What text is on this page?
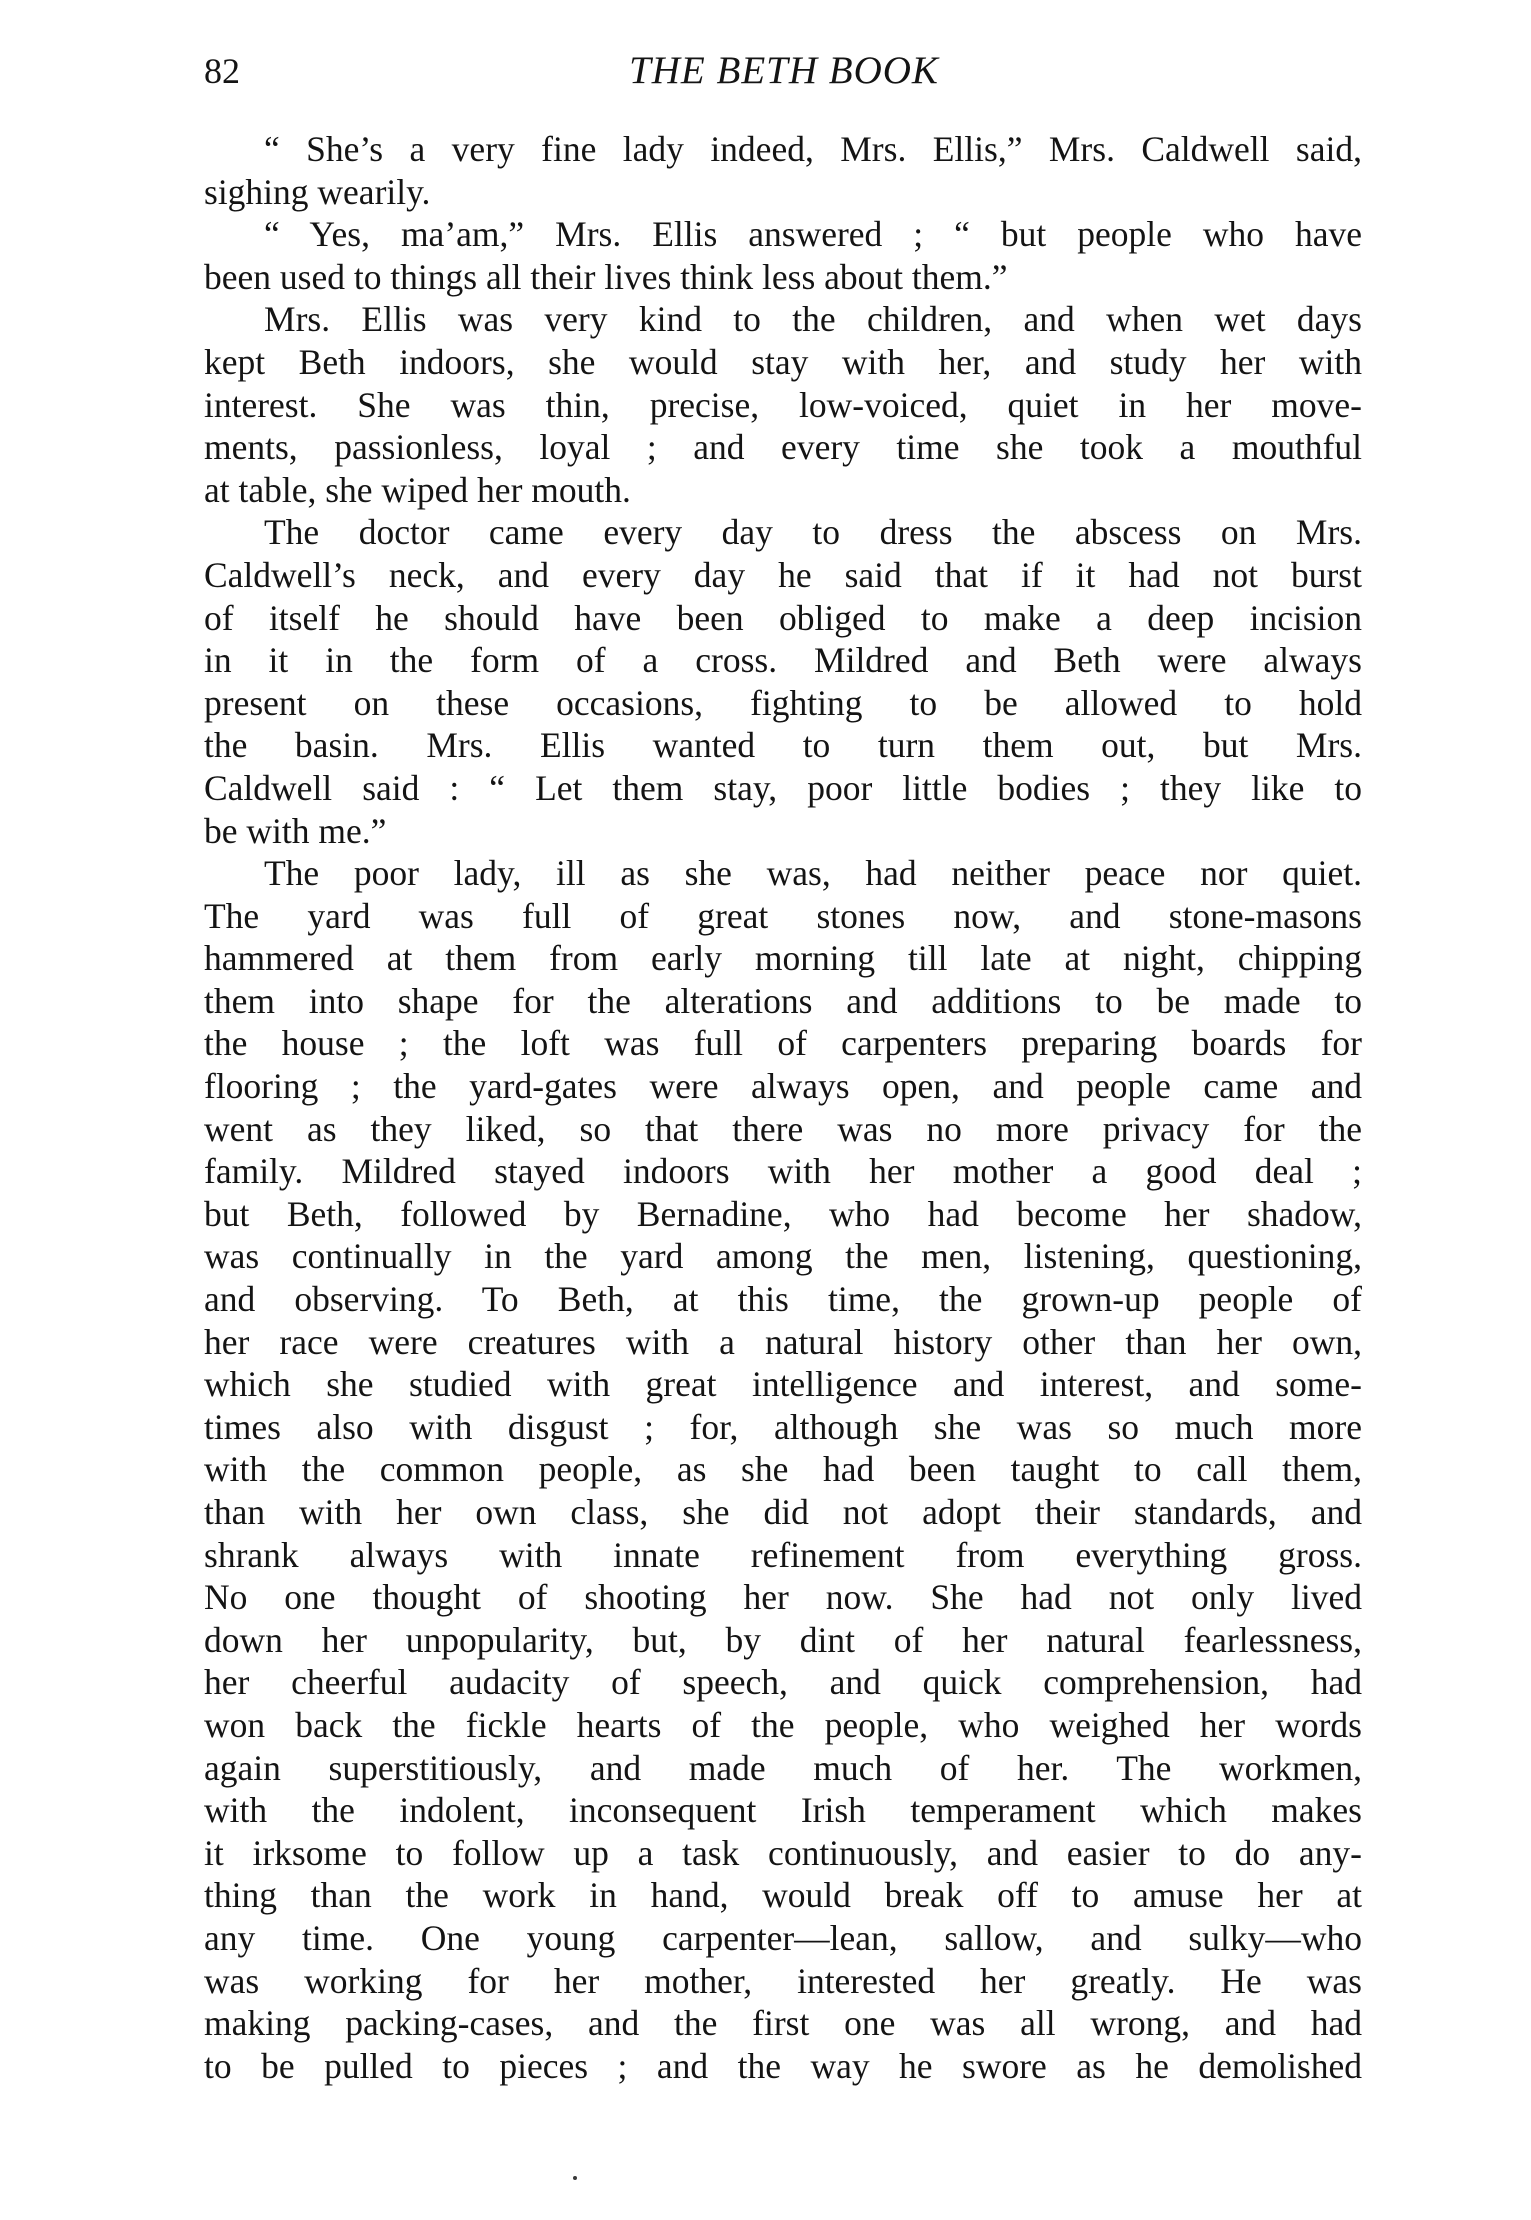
82	THE BETH BOOK
“ She’s a very fine lady indeed, Mrs. Ellis,” Mrs. Caldwell said,
sighing wearily.
“ Yes, ma’am,” Mrs. Ellis answered ; “ but people who have
been used to things all their lives think less about them.”
Mrs. Ellis was very kind to the children, and when wet days
kept Beth indoors, she would stay with her, and study her with
interest. She was thin, precise, low-voiced, quiet in her move-
ments, passionless, loyal ; and every time she took a mouthful
at table, she wiped her mouth.
The doctor came every day to dress the abscess on Mrs.
Caldwell’s neck, and every day he said that if it had not burst
of itself he should have been obliged to make a deep incision
in it in the form of a cross. Mildred and Beth were always
present on these occasions, fighting to be allowed to hold
the basin. Mrs. Ellis wanted to turn them out, but Mrs.
Caldwell said : “ Let them stay, poor little bodies ; they like to
be with me.”
The poor lady, ill as she was, had neither peace nor quiet.
The yard was full of great stones now, and stone-masons
hammered at them from early morning till late at night, chipping
them into shape for the alterations and additions to be made to
the house ; the loft was full of carpenters preparing boards for
flooring ; the yard-gates were always open, and people came and
went as they liked, so that there was no more privacy for the
family. Mildred stayed indoors with her mother a good deal ;
but Beth, followed by Bernadine, who had become her shadow,
was continually in the yard among the men, listening, questioning,
and observing. To Beth, at this time, the grown-up people of
her race were creatures with a natural history other than her own,
which she studied with great intelligence and interest, and some-
times also with disgust ; for, although she was so much more
with the common people, as she had been taught to call them,
than with her own class, she did not adopt their standards, and
shrank always with innate refinement from everything gross.
No one thought of shooting her now. She had not only lived
down her unpopularity, but, by dint of her natural fearlessness,
her cheerful audacity of speech, and quick comprehension, had
won back the fickle hearts of the people, who weighed her words
again superstitiously, and made much of her. The workmen,
with the indolent, inconsequent Irish temperament which makes
it irksome to follow up a task continuously, and easier to do any-
thing than the work in hand, would break off to amuse her at
any time. One young carpenter—lean, sallow, and sulky—who
was working for her mother, interested her greatly. He was
making packing-cases, and the first one was all wrong, and had
to be pulled to pieces ; and the way he swore as he demolished
